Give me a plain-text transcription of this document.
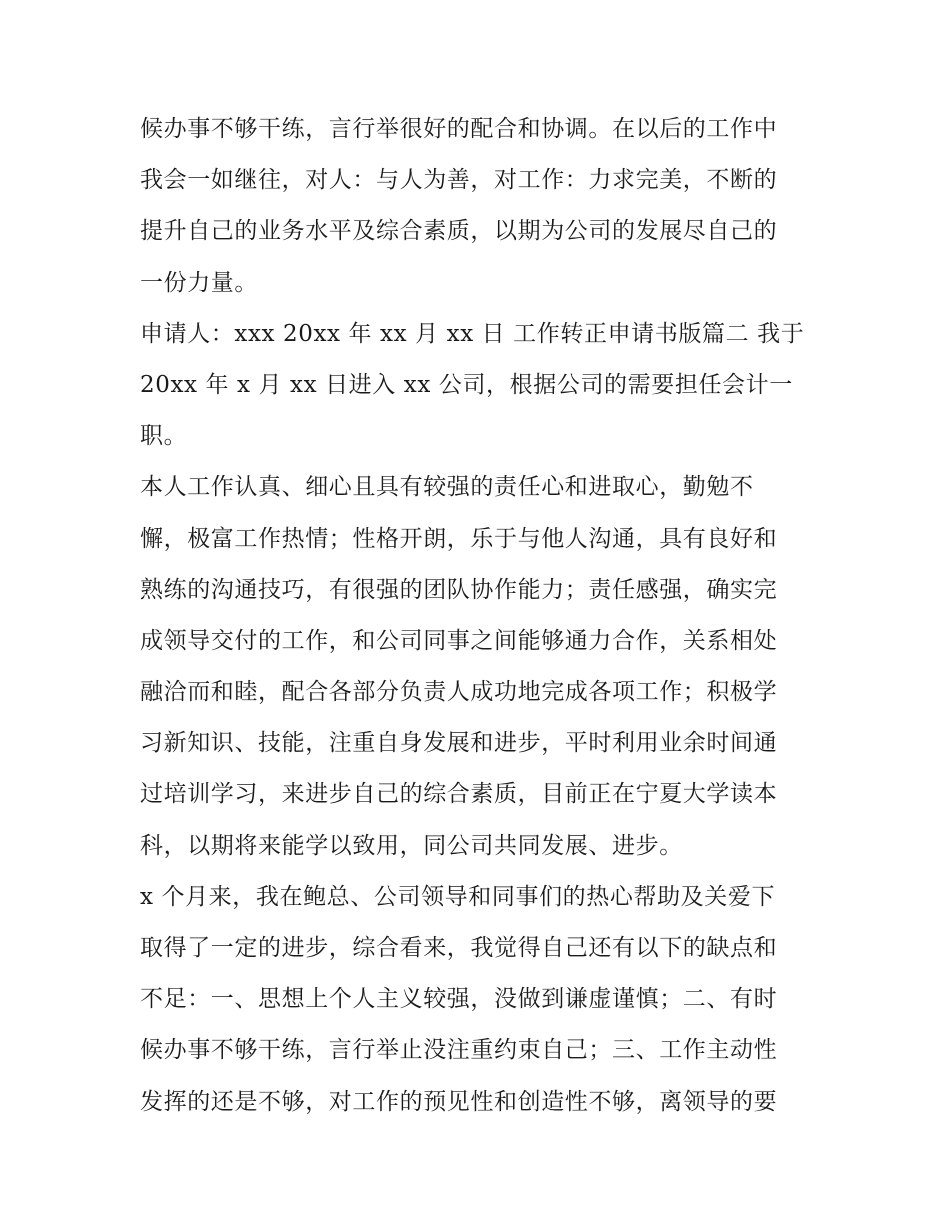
候办事不够干练，言行举很好的配合和协调。在以后的工作中
我会一如继往，对人：与人为善，对工作：力求完美，不断的
提升自己的业务水平及综合素质，以期为公司的发展尽自己的
一份力量。
申请人：xxx 20xx 年 xx 月 xx 日 工作转正申请书版篇二 我于
20xx 年 x 月 xx 日进入 xx 公司，根据公司的需要担任会计一
职。
本人工作认真、细心且具有较强的责任心和进取心，勤勉不
懈，极富工作热情；性格开朗，乐于与他人沟通，具有良好和
熟练的沟通技巧，有很强的团队协作能力；责任感强，确实完
成领导交付的工作，和公司同事之间能够通力合作，关系相处
融洽而和睦，配合各部分负责人成功地完成各项工作；积极学
习新知识、技能，注重自身发展和进步，平时利用业余时间通
过培训学习，来进步自己的综合素质，目前正在宁夏大学读本
科，以期将来能学以致用，同公司共同发展、进步。
x 个月来，我在鲍总、公司领导和同事们的热心帮助及关爱下
取得了一定的进步，综合看来，我觉得自己还有以下的缺点和
不足：一、思想上个人主义较强，没做到谦虚谨慎；二、有时
候办事不够干练，言行举止没注重约束自己；三、工作主动性
发挥的还是不够，对工作的预见性和创造性不够，离领导的要
